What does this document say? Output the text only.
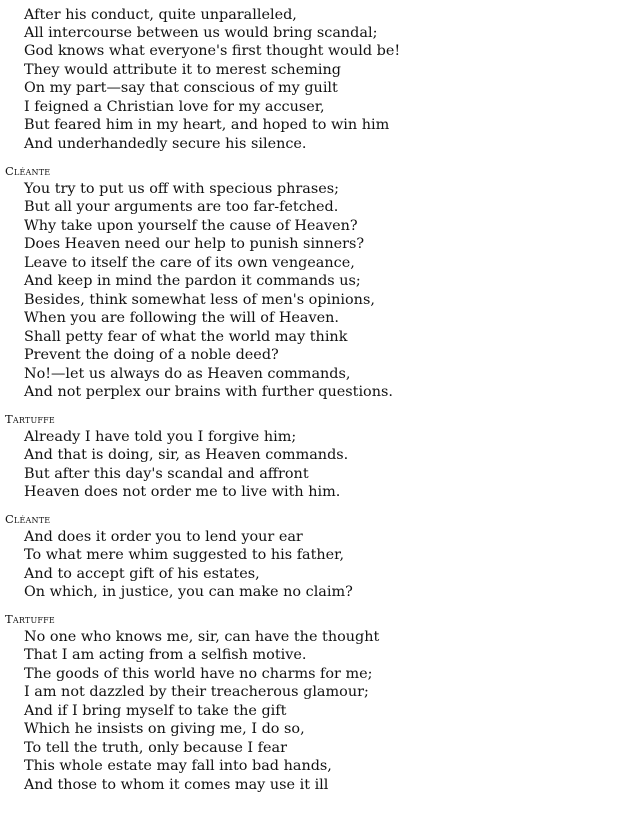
After his conduct, quite unparalleled,
All intercourse between us would bring scandal;
God knows what everyone's first thought would be!
They would attribute it to merest scheming
On my part—say that conscious of my guilt
I feigned a Christian love for my accuser,
But feared him in my heart, and hoped to win him
And underhandedly secure his silence.
Cléante
You try to put us off with specious phrases;
But all your arguments are too far-fetched.
Why take upon yourself the cause of Heaven?
Does Heaven need our help to punish sinners?
Leave to itself the care of its own vengeance,
And keep in mind the pardon it commands us;
Besides, think somewhat less of men's opinions,
When you are following the will of Heaven.
Shall petty fear of what the world may think
Prevent the doing of a noble deed?
No!—let us always do as Heaven commands,
And not perplex our brains with further questions.
Tartuffe
Already I have told you I forgive him;
And that is doing, sir, as Heaven commands.
But after this day's scandal and affront
Heaven does not order me to live with him.
Cléante
And does it order you to lend your ear
To what mere whim suggested to his father,
And to accept gift of his estates,
On which, in justice, you can make no claim?
Tartuffe
No one who knows me, sir, can have the thought
That I am acting from a selfish motive.
The goods of this world have no charms for me;
I am not dazzled by their treacherous glamour;
And if I bring myself to take the gift
Which he insists on giving me, I do so,
To tell the truth, only because I fear
This whole estate may fall into bad hands,
And those to whom it comes may use it ill
